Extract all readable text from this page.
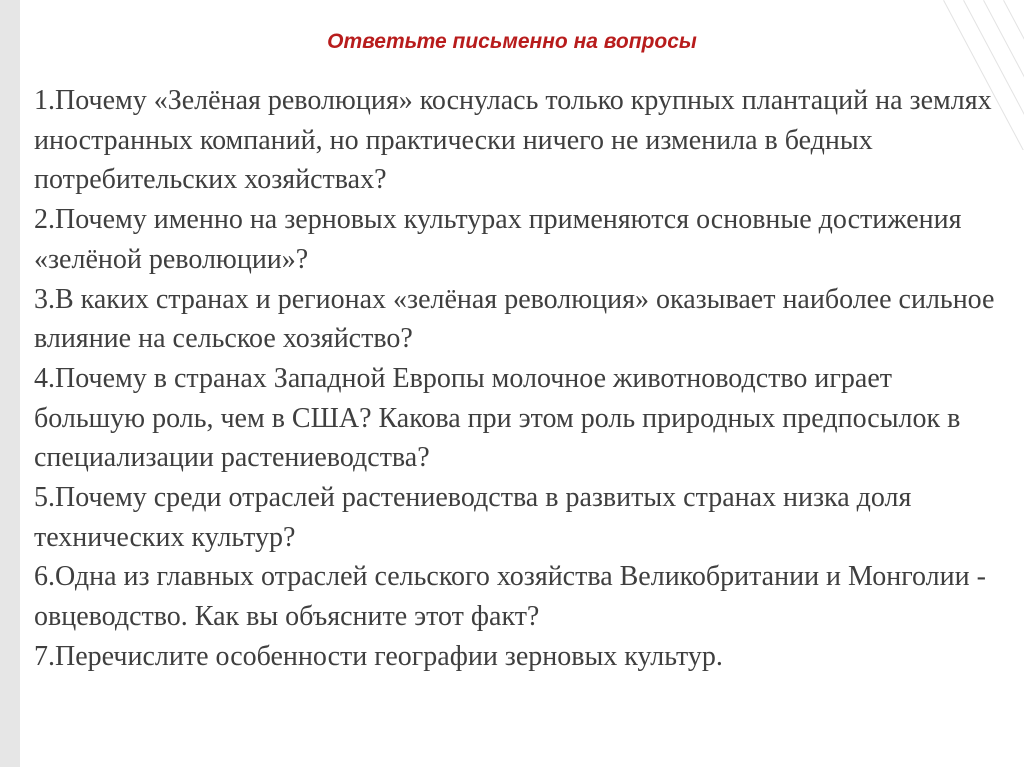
Ответьте письменно на вопросы

1.Почему «Зелёная революция» коснулась только крупных плантаций на землях иностранных компаний, но практически ничего не изменила в бедных потребительских хозяйствах?

2.Почему именно на зерновых культурах применяются основные достижения «зелёной революции»?

3.В каких странах и регионах «зелёная революция» оказывает наиболее сильное влияние на сельское хозяйство?

4.Почему в странах Западной Европы молочное животноводство играет большую роль, чем в США? Какова при этом роль природных предпосылок в специализации растениеводства?

5.Почему среди отраслей растениеводства в развитых странах низка доля технических культур?

6.Одна из главных отраслей сельского хозяйства Великобритании и Монголии - овцеводство. Как вы объясните этот факт?

7.Перечислите особенности географии зерновых культур.
